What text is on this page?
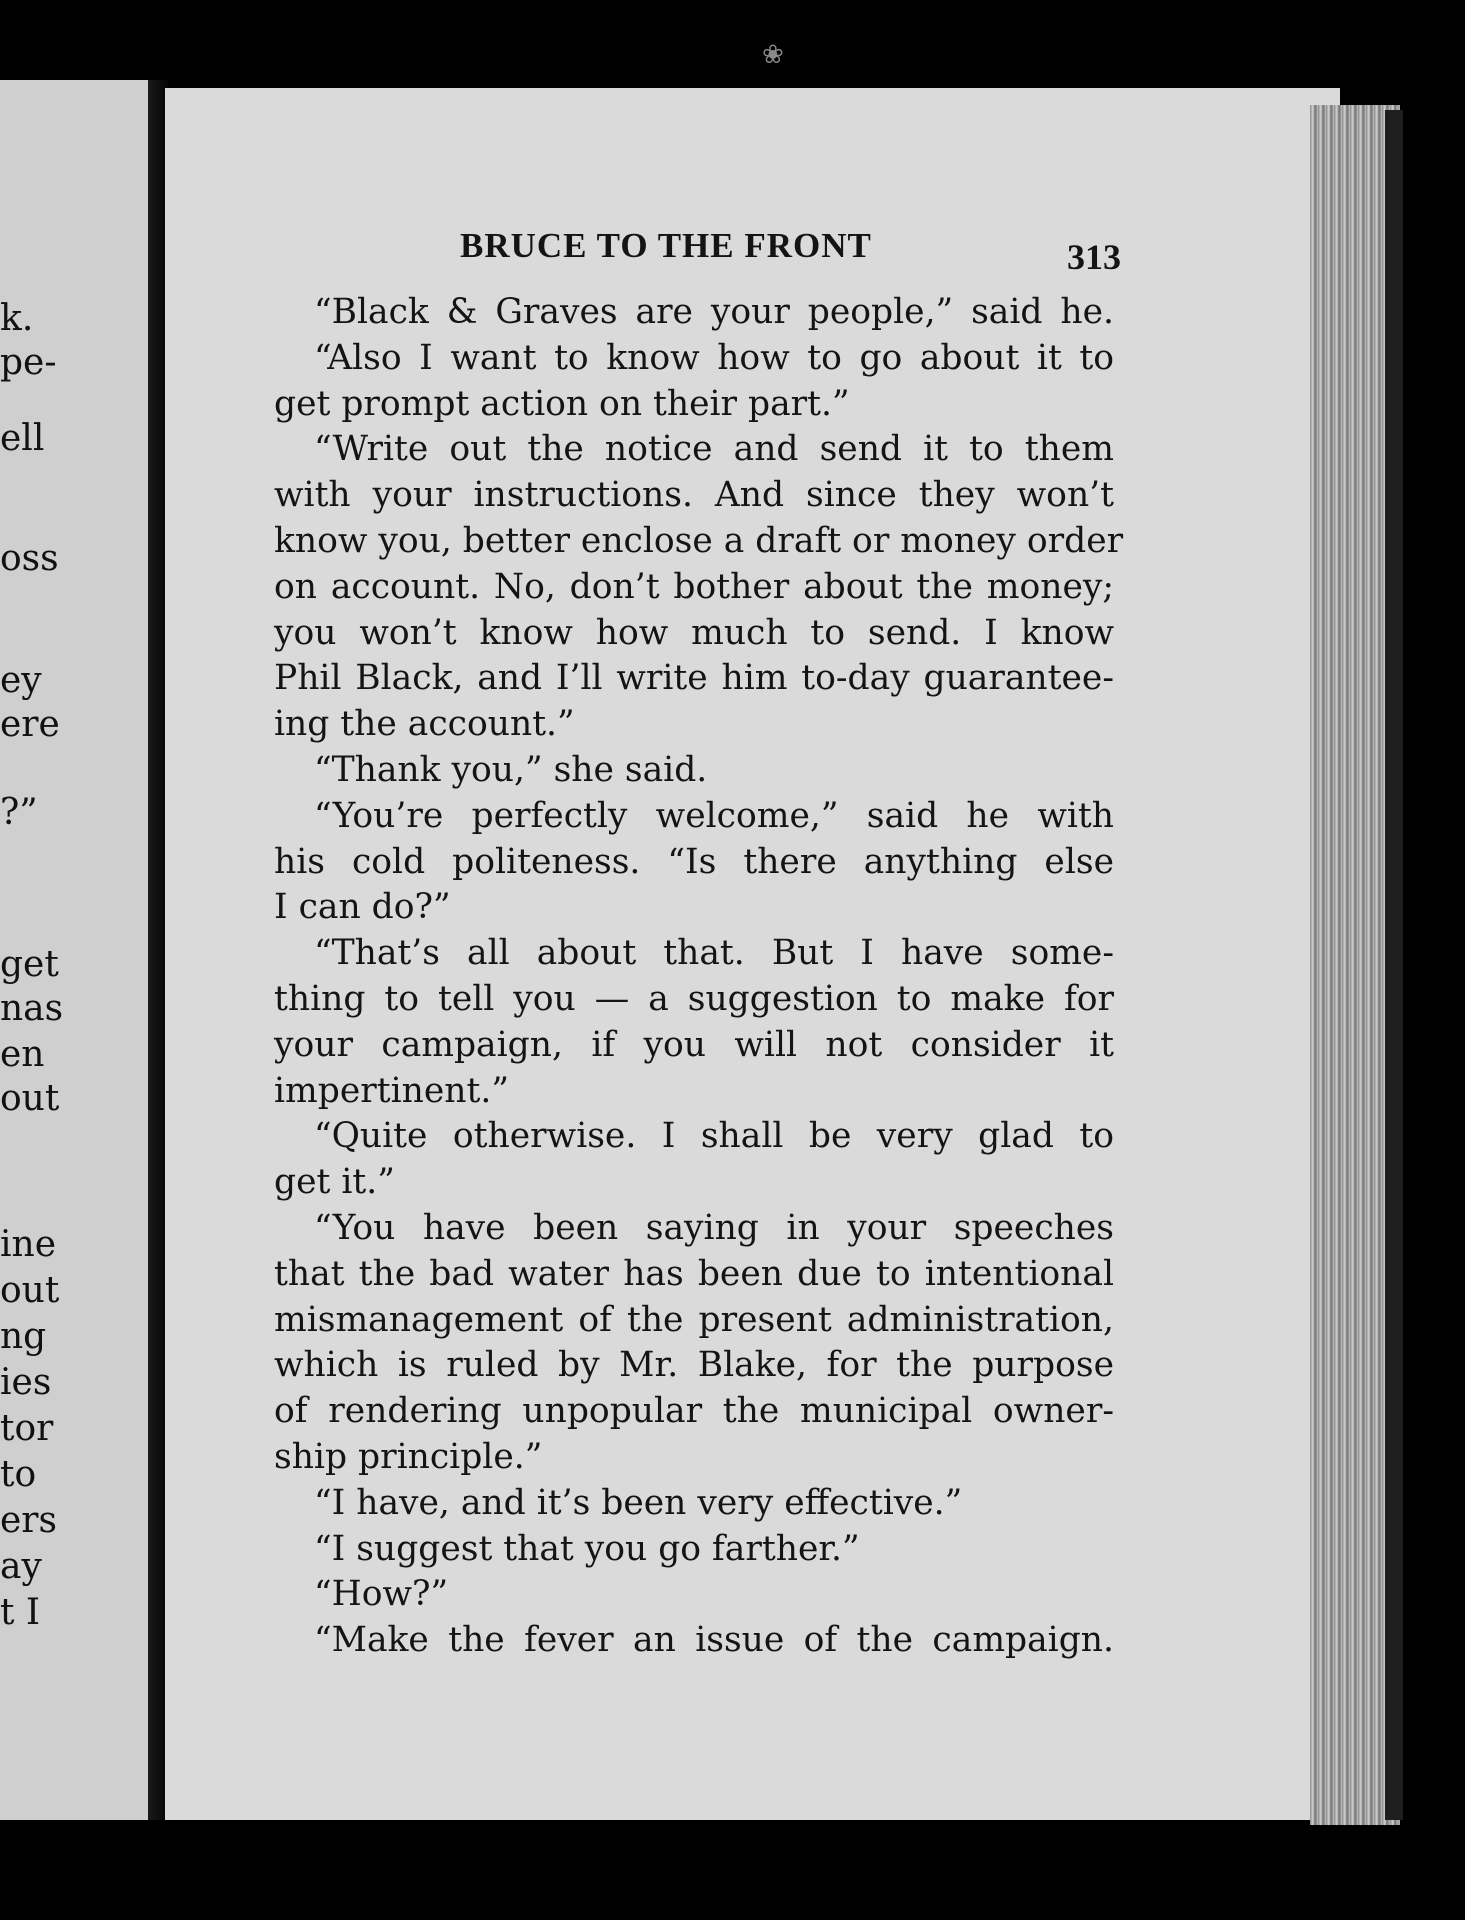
❀
k.
pe-
ell
oss
ey
ere
?”
get
nas
en
out
ine
out
ng
ies
tor
to
ers
ay
t I
BRUCE TO THE FRONT	313
“Black & Graves are your people,” said he.
“Also I want to know how to go about it to
get prompt action on their part.”
“Write out the notice and send it to them
with your instructions. And since they won’t
know you, better enclose a draft or money order
on account. No, don’t bother about the money;
you won’t know how much to send. I know
Phil Black, and I’ll write him to-day guarantee-
ing the account.”
“Thank you,” she said.
“You’re perfectly welcome,” said he with
his cold politeness. “Is there anything else
I can do?”
“That’s all about that. But I have some-
thing to tell you — a suggestion to make for
your campaign, if you will not consider it
impertinent.”
“Quite otherwise. I shall be very glad to
get it.”
“You have been saying in your speeches
that the bad water has been due to intentional
mismanagement of the present administration,
which is ruled by Mr. Blake, for the purpose
of rendering unpopular the municipal owner-
ship principle.”
“I have, and it’s been very effective.”
“I suggest that you go farther.”
“How?”
“Make the fever an issue of the campaign.
